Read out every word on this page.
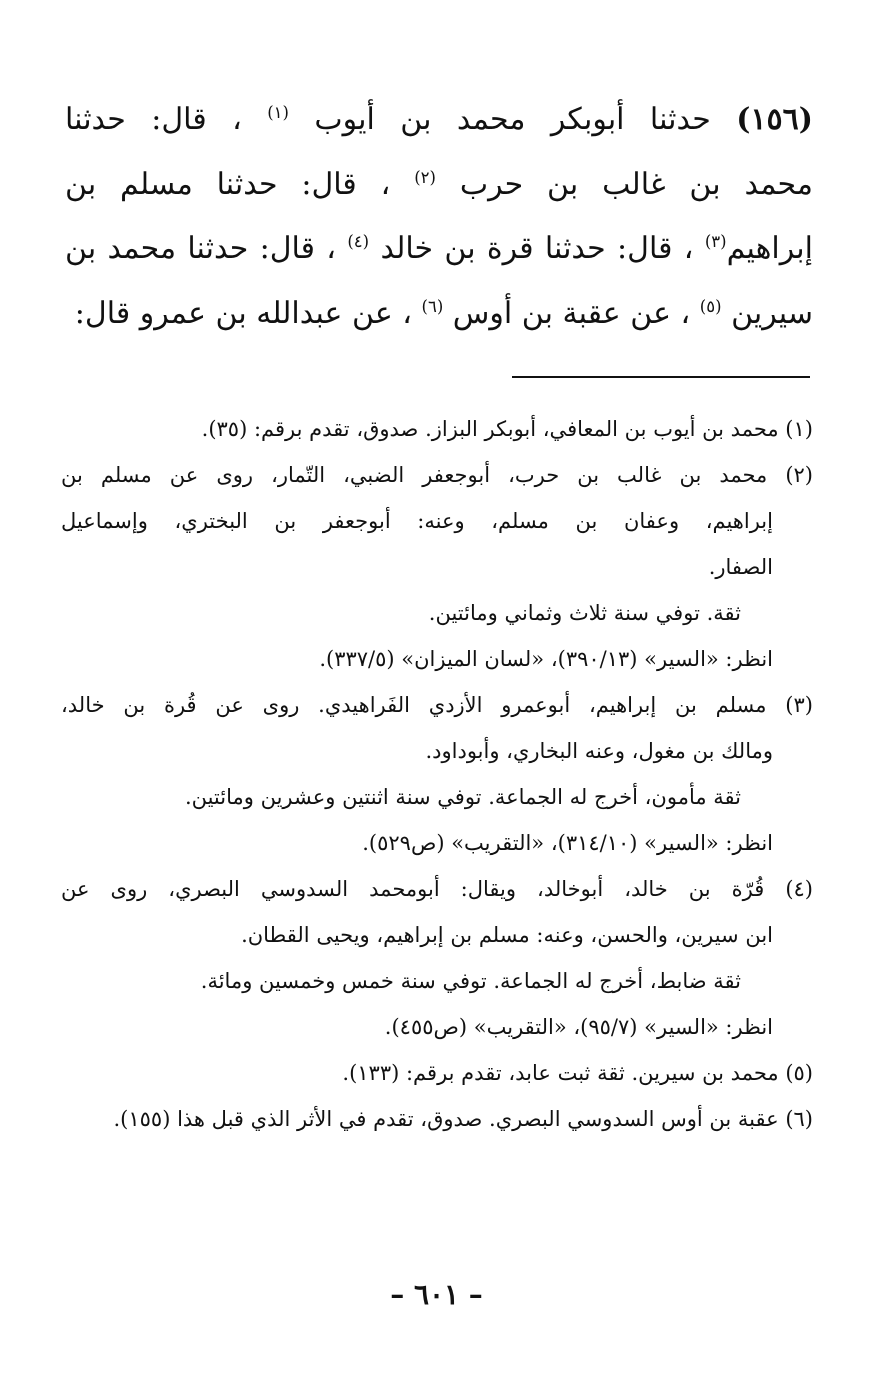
(١٥٦) حدثنا أبوبكر محمد بن أيوب $^{(١)}$ ، قال: حدثنا
محمد بن غالب بن حرب $^{(٢)}$ ، قال: حدثنا مسلم بن
إبراهيم$^{(٣)}$ ، قال: حدثنا قرة بن خالد $^{(٤)}$ ، قال: حدثنا محمد بن
سيرين $^{(٥)}$ ، عن عقبة بن أوس $^{(٦)}$ ، عن عبدالله بن عمرو قال:
(١) محمد بن أيوب بن المعافي، أبوبكر البزاز. صدوق، تقدم برقم: (٣٥).
(٢) محمد بن غالب بن حرب، أبوجعفر الضبي، التّمار، روى عن مسلم بن
إبراهيم، وعفان بن مسلم، وعنه: أبوجعفر بن البختري، وإسماعيل
الصفار.
ثقة. توفي سنة ثلاث وثماني ومائتين.
انظر: «السير» (٣٩٠/١٣)، «لسان الميزان» (٣٣٧/٥).
(٣) مسلم بن إبراهيم، أبوعمرو الأزدي الفَراهيدي. روى عن قُرة بن خالد،
ومالك بن مغول، وعنه البخاري، وأبوداود.
ثقة مأمون، أخرج له الجماعة. توفي سنة اثنتين وعشرين ومائتين.
انظر: «السير» (٣١٤/١٠)، «التقريب» (ص٥٢٩).
(٤) قُرّة بن خالد، أبوخالد، ويقال: أبومحمد السدوسي البصري، روى عن
ابن سيرين، والحسن، وعنه: مسلم بن إبراهيم، ويحيى القطان.
ثقة ضابط، أخرج له الجماعة. توفي سنة خمس وخمسين ومائة.
انظر: «السير» (٩٥/٧)، «التقريب» (ص٤٥٥).
(٥) محمد بن سيرين. ثقة ثبت عابد، تقدم برقم: (١٣٣).
(٦) عقبة بن أوس السدوسي البصري. صدوق، تقدم في الأثر الذي قبل هذا (١٥٥).
– ٦٠١ –
